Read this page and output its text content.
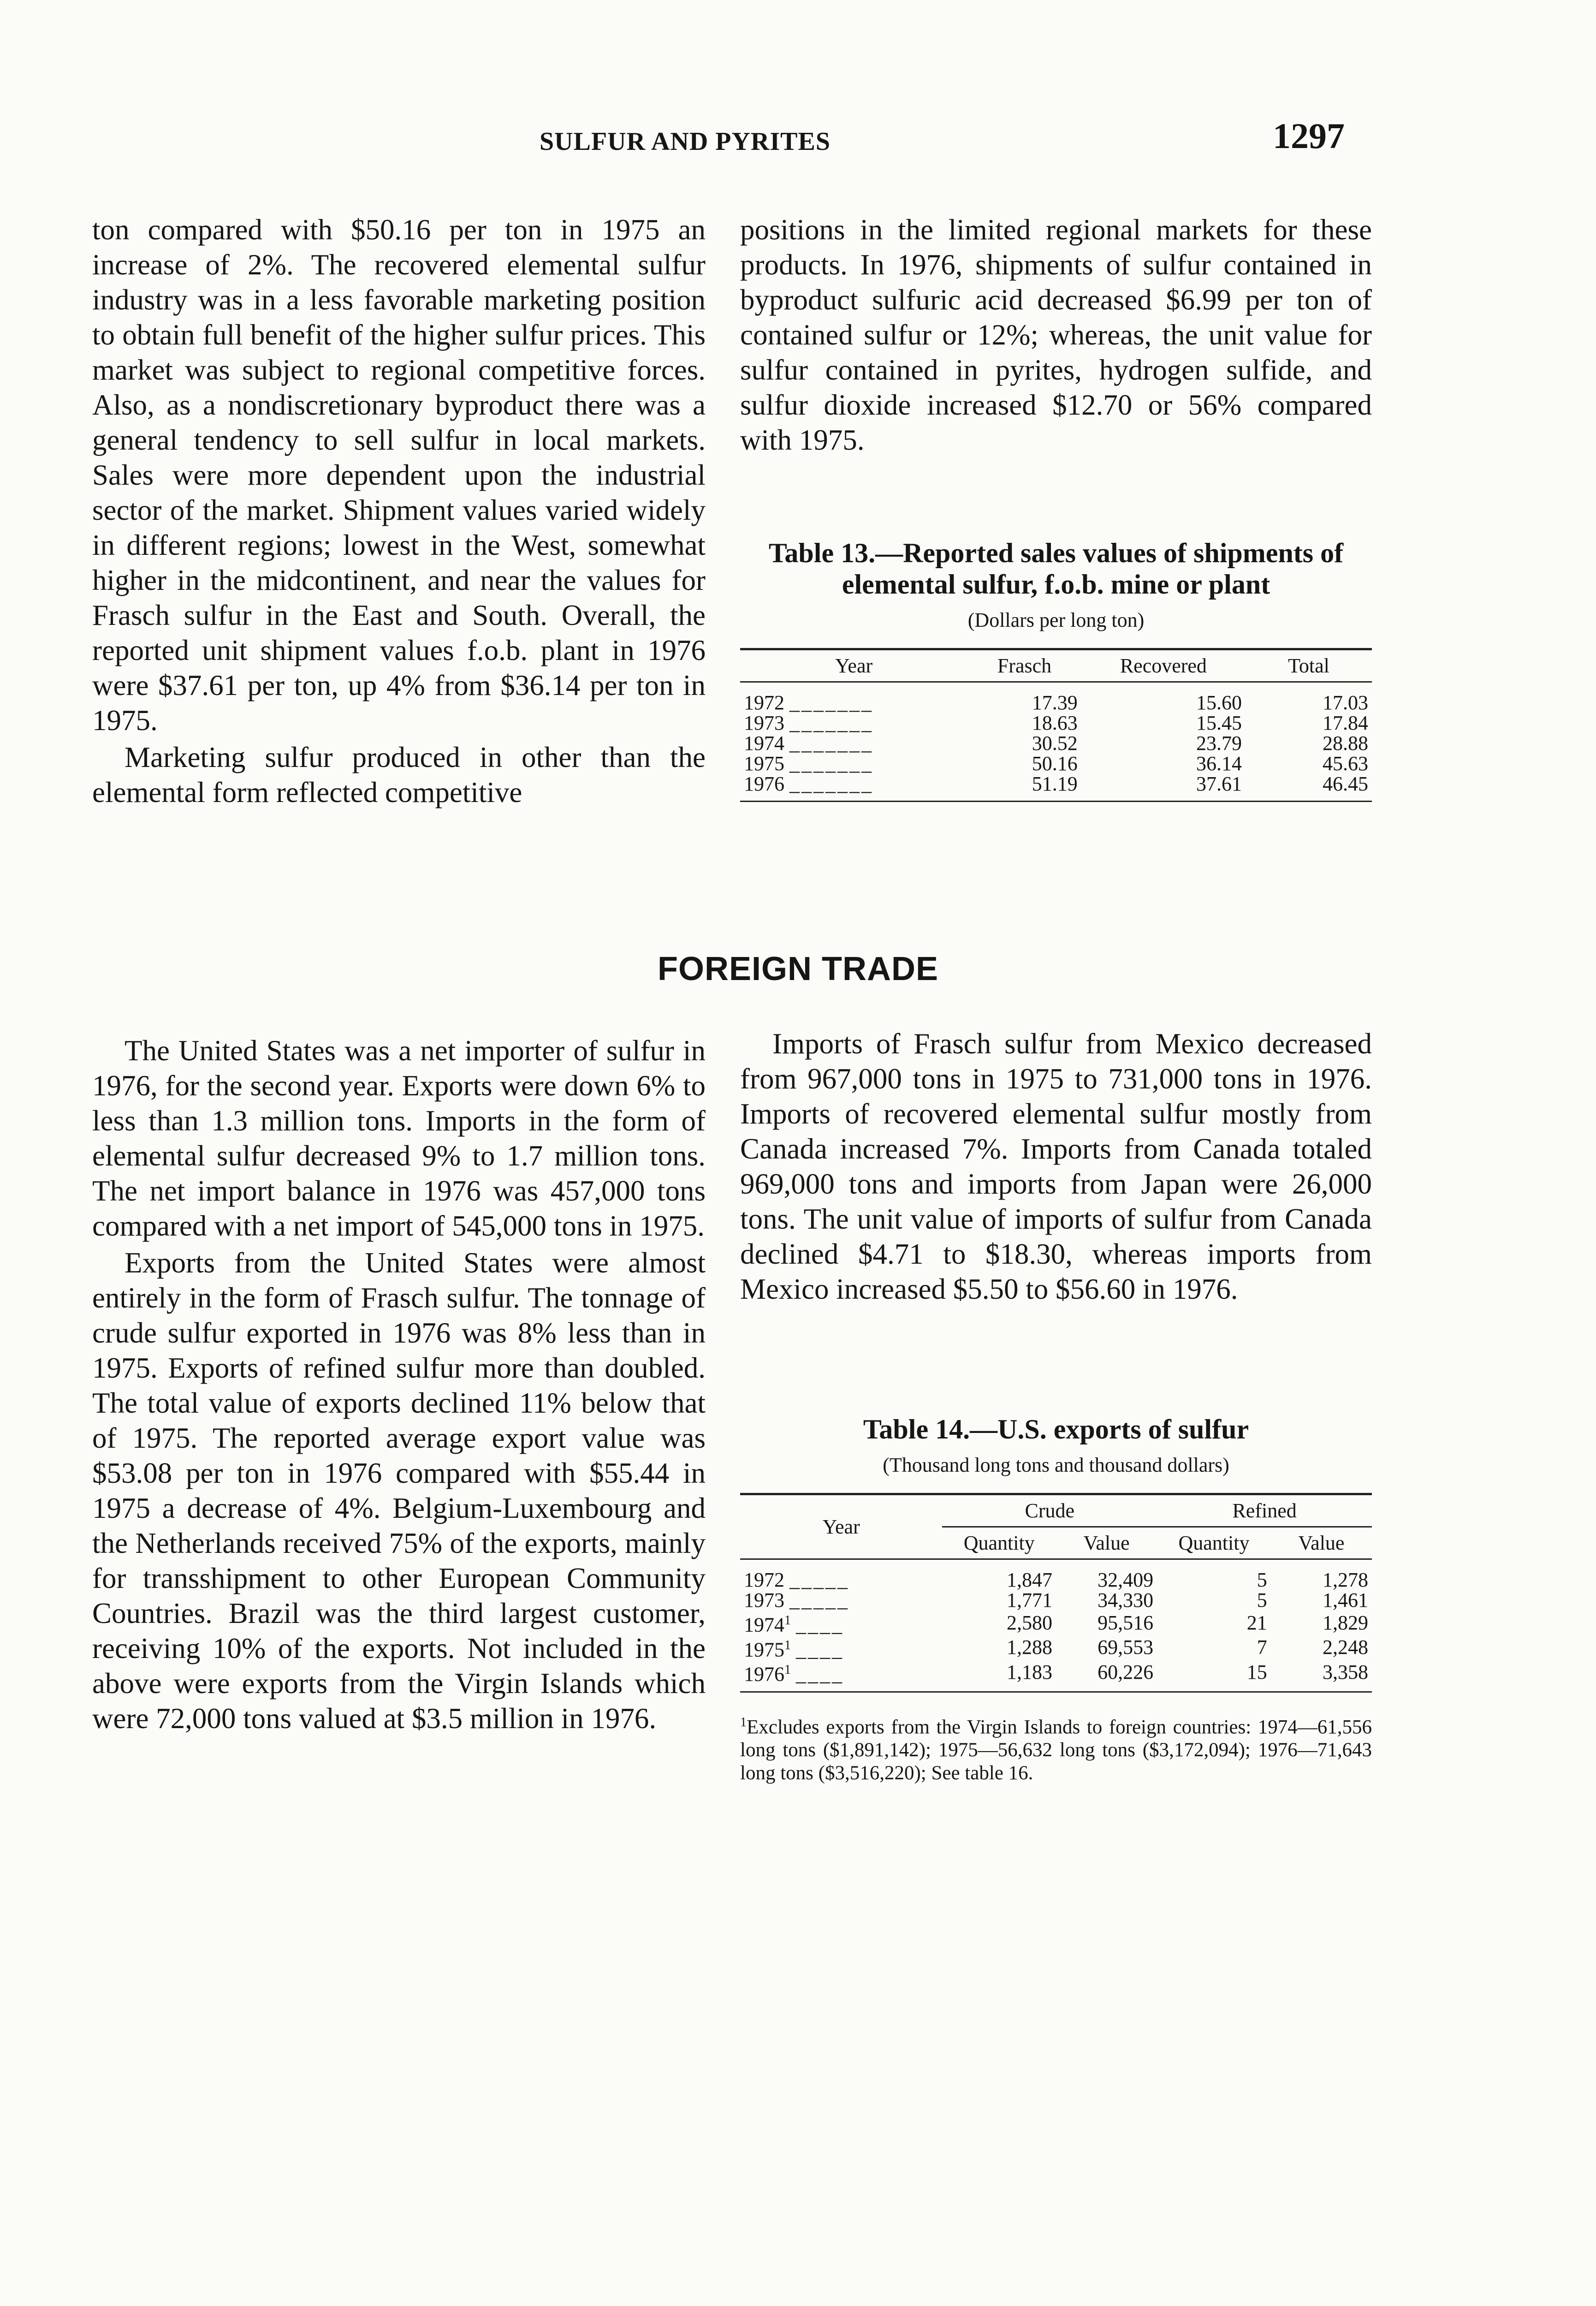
SULFUR AND PYRITES	1297

ton compared with $50.16 per ton in 1975 an increase of 2%. The recovered elemental sulfur industry was in a less favorable marketing position to obtain full benefit of the higher sulfur prices. This market was subject to regional competitive forces. Also, as a nondiscretionary byproduct there was a general tendency to sell sulfur in local markets. Sales were more dependent upon the industrial sector of the market. Shipment values varied widely in different regions; lowest in the West, somewhat higher in the midcontinent, and near the values for Frasch sulfur in the East and South. Overall, the reported unit shipment values f.o.b. plant in 1976 were $37.61 per ton, up 4% from $36.14 per ton in 1975.

Marketing sulfur produced in other than the elemental form reflected competitive

positions in the limited regional markets for these products. In 1976, shipments of sulfur contained in byproduct sulfuric acid decreased $6.99 per ton of contained sulfur or 12%; whereas, the unit value for sulfur contained in pyrites, hydrogen sulfide, and sulfur dioxide increased $12.70 or 56% compared with 1975.

Table 13.—Reported sales values of shipments of elemental sulfur, f.o.b. mine or plant
(Dollars per long ton)
Year	Frasch	Recovered	Total
1972 _______	17.39	15.60	17.03
1973 _______	18.63	15.45	17.84
1974 _______	30.52	23.79	28.88
1975 _______	50.16	36.14	45.63
1976 _______	51.19	37.61	46.45
FOREIGN TRADE

The United States was a net importer of sulfur in 1976, for the second year. Exports were down 6% to less than 1.3 million tons. Imports in the form of elemental sulfur decreased 9% to 1.7 million tons. The net import balance in 1976 was 457,000 tons compared with a net import of 545,000 tons in 1975.

Exports from the United States were almost entirely in the form of Frasch sulfur. The tonnage of crude sulfur exported in 1976 was 8% less than in 1975. Exports of refined sulfur more than doubled. The total value of exports declined 11% below that of 1975. The reported average export value was $53.08 per ton in 1976 compared with $55.44 in 1975 a decrease of 4%. Belgium-Luxembourg and the Netherlands received 75% of the exports, mainly for transshipment to other European Community Countries. Brazil was the third largest customer, receiving 10% of the exports. Not included in the above were exports from the Virgin Islands which were 72,000 tons valued at $3.5 million in 1976.

Imports of Frasch sulfur from Mexico decreased from 967,000 tons in 1975 to 731,000 tons in 1976. Imports of recovered elemental sulfur mostly from Canada increased 7%. Imports from Canada totaled 969,000 tons and imports from Japan were 26,000 tons. The unit value of imports of sulfur from Canada declined $4.71 to $18.30, whereas imports from Mexico increased $5.50 to $56.60 in 1976.

Table 14.—U.S. exports of sulfur
(Thousand long tons and thousand dollars)
Year	Crude		Refined	
	Quantity	Value	Quantity	Value
1972 _____	1,847	32,409	5	1,278
1973 _____	1,771	34,330	5	1,461
1974$^1$ ____	2,580	95,516	21	1,829
1975$^1$ ____	1,288	69,553	7	2,248
1976$^1$ ____	1,183	60,226	15	3,358
$^1$Excludes exports from the Virgin Islands to foreign countries: 1974—61,556 long tons ($1,891,142); 1975—56,632 long tons ($3,172,094); 1976—71,643 long tons ($3,516,220); See table 16.
